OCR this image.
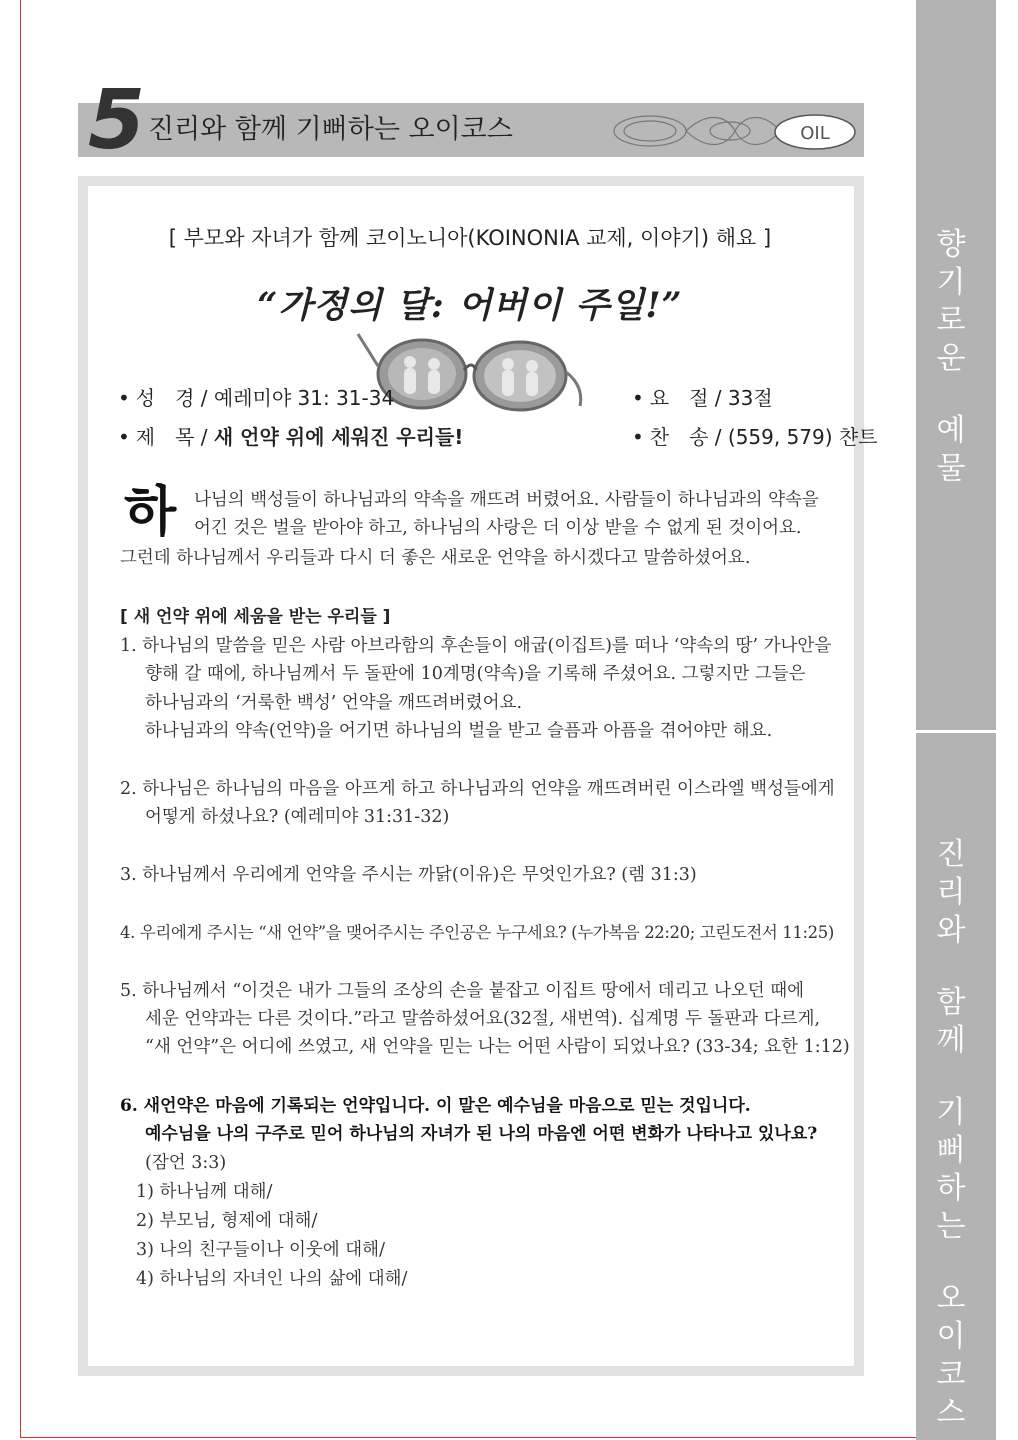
향
기
로
운
예
물
진
리
와
함
께
기
뻐
하
는
오
이
코
스
5 진리와 함께 기뻐하는 오이코스	OIL
[ 부모와 자녀가 함께 코이노니아(KOINONIA 교제, 이야기) 해요 ]
“가정의 달: 어버이 주일!”
• 성　경 / 예레미야 31: 31-34
• 제　목 / 새 언약 위에 세워진 우리들!
• 요　절 / 33절
• 찬　송 / (559, 579) 챤트
하 나님의 백성들이 하나님과의 약속을 깨뜨려 버렸어요. 사람들이 하나님과의 약속을
어긴 것은 벌을 받아야 하고, 하나님의 사랑은 더 이상 받을 수 없게 된 것이어요.
그런데 하나님께서 우리들과 다시 더 좋은 새로운 언약을 하시겠다고 말씀하셨어요.
[ 새 언약 위에 세움을 받는 우리들 ]
1. 하나님의 말씀을 믿은 사람 아브라함의 후손들이 애굽(이집트)를 떠나 ‘약속의 땅’ 가나안을
향해 갈 때에, 하나님께서 두 돌판에 10계명(약속)을 기록해 주셨어요. 그렇지만 그들은
하나님과의 ‘거룩한 백성’ 언약을 깨뜨려버렸어요.
하나님과의 약속(언약)을 어기면 하나님의 벌을 받고 슬픔과 아픔을 겪어야만 해요.
2. 하나님은 하나님의 마음을 아프게 하고 하나님과의 언약을 깨뜨려버린 이스라엘 백성들에게
어떻게 하셨나요? (예레미야 31:31-32)
3. 하나님께서 우리에게 언약을 주시는 까닭(이유)은 무엇인가요? (렘 31:3)
4. 우리에게 주시는 “새 언약”을 맺어주시는 주인공은 누구세요? (누가복음 22:20; 고린도전서 11:25)
5. 하나님께서 “이것은 내가 그들의 조상의 손을 붙잡고 이집트 땅에서 데리고 나오던 때에
세운 언약과는 다른 것이다.”라고 말씀하셨어요(32절, 새번역). 십계명 두 돌판과 다르게,
“새 언약”은 어디에 쓰였고, 새 언약을 믿는 나는 어떤 사람이 되었나요? (33-34; 요한 1:12)
6. 새언약은 마음에 기록되는 언약입니다. 이 말은 예수님을 마음으로 믿는 것입니다.
예수님을 나의 구주로 믿어 하나님의 자녀가 된 나의 마음엔 어떤 변화가 나타나고 있나요?
(잠언 3:3)
1) 하나님께 대해/
2) 부모님, 형제에 대해/
3) 나의 친구들이나 이웃에 대해/
4) 하나님의 자녀인 나의 삶에 대해/
